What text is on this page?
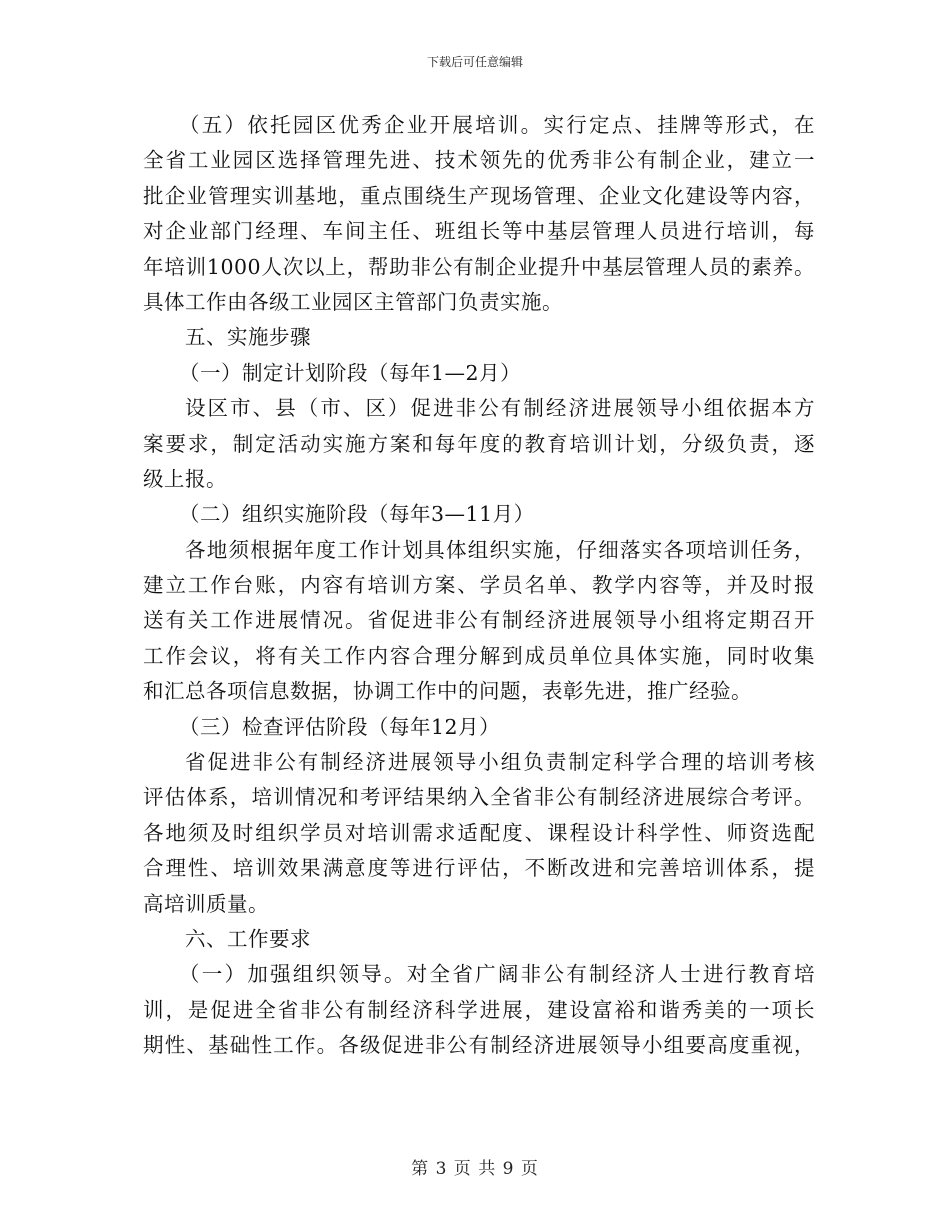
下载后可任意编辑
（五）依托园区优秀企业开展培训。实行定点、挂牌等形式，在
全省工业园区选择管理先进、技术领先的优秀非公有制企业，建立一
批企业管理实训基地，重点围绕生产现场管理、企业文化建设等内容，
对企业部门经理、车间主任、班组长等中基层管理人员进行培训，每
年培训1000人次以上，帮助非公有制企业提升中基层管理人员的素养。
具体工作由各级工业园区主管部门负责实施。
五、实施步骤
（一）制定计划阶段（每年1—2月）
设区市、县（市、区）促进非公有制经济进展领导小组依据本方
案要求，制定活动实施方案和每年度的教育培训计划，分级负责，逐
级上报。
（二）组织实施阶段（每年3—11月）
各地须根据年度工作计划具体组织实施，仔细落实各项培训任务，
建立工作台账，内容有培训方案、学员名单、教学内容等，并及时报
送有关工作进展情况。省促进非公有制经济进展领导小组将定期召开
工作会议，将有关工作内容合理分解到成员单位具体实施，同时收集
和汇总各项信息数据，协调工作中的问题，表彰先进，推广经验。
（三）检查评估阶段（每年12月）
省促进非公有制经济进展领导小组负责制定科学合理的培训考核
评估体系，培训情况和考评结果纳入全省非公有制经济进展综合考评。
各地须及时组织学员对培训需求适配度、课程设计科学性、师资选配
合理性、培训效果满意度等进行评估，不断改进和完善培训体系，提
高培训质量。
六、工作要求
（一）加强组织领导。对全省广阔非公有制经济人士进行教育培
训，是促进全省非公有制经济科学进展，建设富裕和谐秀美的一项长
期性、基础性工作。各级促进非公有制经济进展领导小组要高度重视，
第 3 页 共 9 页
